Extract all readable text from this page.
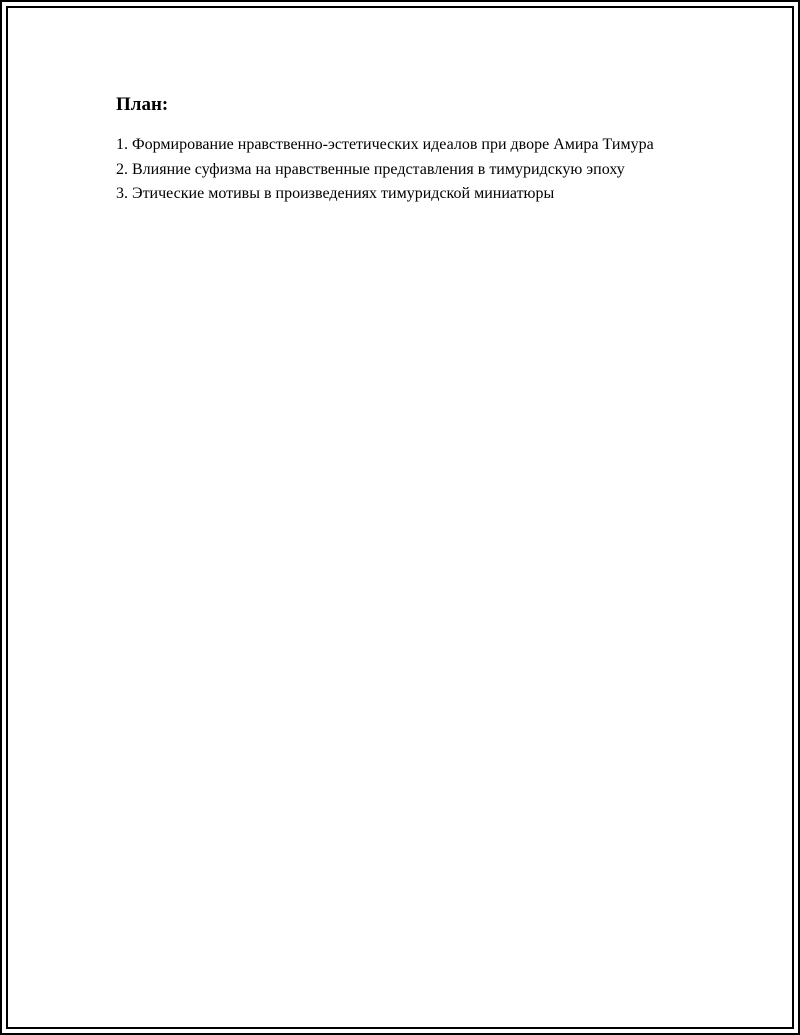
План:
1. Формирование нравственно-эстетических идеалов при дворе Амира Тимура
2. Влияние суфизма на нравственные представления в тимуридскую эпоху
3. Этические мотивы в произведениях тимуридской миниатюры
